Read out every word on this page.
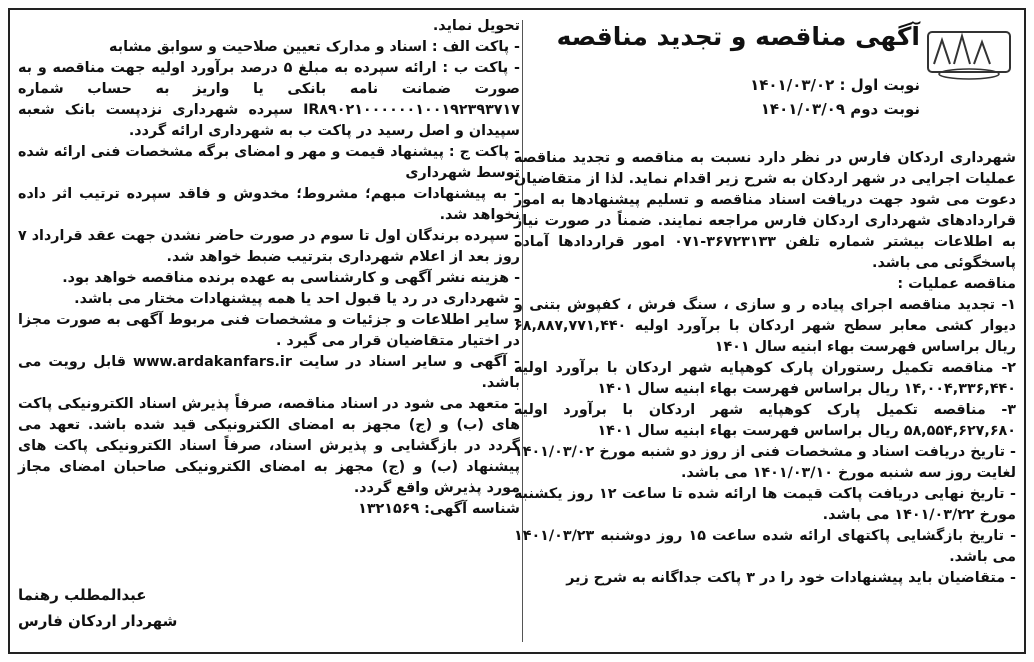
آگهی مناقصه و تجدید مناقصه
نوبت اول : ۱۴۰۱/۰۳/۰۲
نوبت دوم ۱۴۰۱/۰۳/۰۹

شهرداری اردکان فارس در نظر دارد نسبت به مناقصه و تجدید مناقصه عملیات اجرایی در شهر اردکان به شرح زیر اقدام نماید. لذا از متقاضیان دعوت می شود جهت دریافت اسناد مناقصه و تسلیم پیشنهادها به امور قراردادهای شهرداری اردکان فارس مراجعه نمایند. ضمناً در صورت نیاز به اطلاعات بیشتر شماره تلفن ۳۶۷۲۳۱۳۳-۰۷۱ امور قراردادها آماده پاسخگوئی می باشد.

مناقصه عملیات :

۱- تجدید مناقصه اجرای پیاده ر و سازی ، سنگ فرش ، کفپوش بتنی و دیوار کشی معابر سطح شهر اردکان با برآورد اولیه ۶۸,۸۸۷,۷۷۱,۴۴۰ ریال براساس فهرست بهاء ابنیه سال ۱۴۰۱

۲- مناقصه تکمیل رستوران پارک کوهپایه شهر اردکان با برآورد اولیه ۱۴,۰۰۴,۳۳۶,۴۴۰ ریال براساس فهرست بهاء ابنیه سال ۱۴۰۱

۳- مناقصه تکمیل پارک کوهپایه شهر اردکان با برآورد اولیه ۵۸,۵۵۴,۶۲۷,۶۸۰ ریال براساس فهرست بهاء ابنیه سال ۱۴۰۱

- تاریخ دریافت اسناد و مشخصات فنی از روز دو شنبه مورخ ۱۴۰۱/۰۳/۰۲ لغایت روز سه شنبه مورخ ۱۴۰۱/۰۳/۱۰ می باشد.

- تاریخ نهایی دریافت پاکت قیمت ها ارائه شده تا ساعت ۱۲ روز یکشنبه مورخ ۱۴۰۱/۰۳/۲۲ می باشد.

- تاریخ بازگشایی پاکتهای ارائه شده ساعت ۱۵ روز دوشنبه ۱۴۰۱/۰۳/۲۳ می باشد.

- متقاضیان باید پیشنهادات خود را در ۳ پاکت جداگانه به شرح زیر

تحویل نماید.

- پاکت الف : اسناد و مدارک تعیین صلاحیت و سوابق مشابه

- پاکت ب : ارائه سپرده به مبلغ ۵ درصد برآورد اولیه جهت مناقصه و به صورت ضمانت نامه بانکی یا واریز به حساب شماره IR۸۹۰۲۱۰۰۰۰۰۰۱۰۰۱۹۲۳۹۳۷۱۷ سپرده شهرداری نزدپست بانک شعبه سپیدان و اصل رسید در پاکت ب به شهرداری ارائه گردد.

- پاکت ج : پیشنهاد قیمت و مهر و امضای برگه مشخصات فنی ارائه شده توسط شهرداری

- به پیشنهادات مبهم؛ مشروط؛ مخدوش و فاقد سپرده ترتیب اثر داده نخواهد شد.

- سپرده برندگان اول تا سوم در صورت حاضر نشدن جهت عقد قرارداد ۷ روز بعد از اعلام شهرداری بترتیب ضبط خواهد شد.

- هزینه نشر آگهی و کارشناسی به عهده برنده مناقصه خواهد بود.

- شهرداری در رد یا قبول احد یا همه پیشنهادات مختار می باشد.

- سایر اطلاعات و جزئیات و مشخصات فنی مربوط آگهی به صورت مجزا در اختیار متقاضیان قرار می گیرد .

- آگهی و سایر اسناد در سایت www.ardakanfars.ir قابل رویت می باشد.

- متعهد می شود در اسناد مناقصه، صرفاً پذیرش اسناد الکترونیکی پاکت های (ب) و (ج) مجهز به امضای الکترونیکی قید شده باشد. تعهد می گردد در بازگشایی و پذیرش اسناد، صرفاً اسناد الکترونیکی پاکت های پیشنهاد (ب) و (ج) مجهز به امضای الکترونیکی صاحبان امضای مجاز مورد پذیرش واقع گردد.

شناسه آگهی: ۱۳۲۱۵۶۹

عبدالمطلب رهنما
شهردار اردکان فارس
